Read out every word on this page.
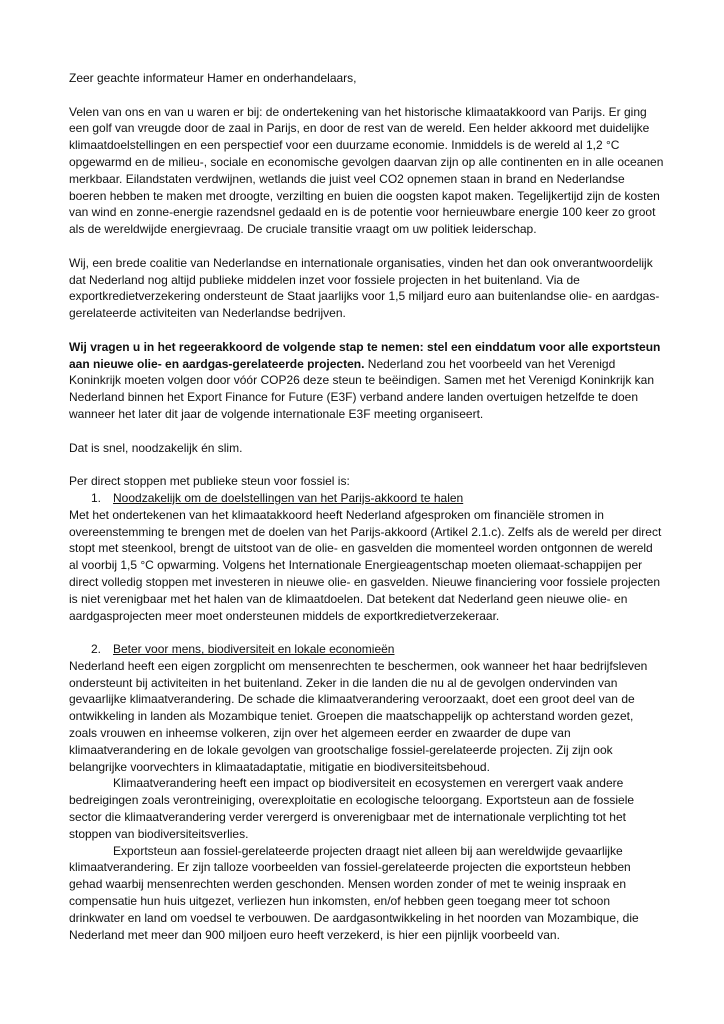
Zeer geachte informateur Hamer en onderhandelaars,

Velen van ons en van u waren er bij: de ondertekening van het historische klimaatakkoord van Parijs. Er ging een golf van vreugde door de zaal in Parijs, en door de rest van de wereld. Een helder akkoord met duidelijke klimaatdoelstellingen en een perspectief voor een duurzame economie. Inmiddels is de wereld al 1,2 °C opgewarmd en de milieu-, sociale en economische gevolgen daarvan zijn op alle continenten en in alle oceanen merkbaar. Eilandstaten verdwijnen, wetlands die juist veel CO2 opnemen staan in brand en Nederlandse boeren hebben te maken met droogte, verzilting en buien die oogsten kapot maken. Tegelijkertijd zijn de kosten van wind en zonne-energie razendsnel gedaald en is de potentie voor hernieuwbare energie 100 keer zo groot als de wereldwijde energievraag. De cruciale transitie vraagt om uw politiek leiderschap.

Wij, een brede coalitie van Nederlandse en internationale organisaties, vinden het dan ook onverantwoordelijk dat Nederland nog altijd publieke middelen inzet voor fossiele projecten in het buitenland. Via de exportkredietverzekering ondersteunt de Staat jaarlijks voor 1,5 miljard euro aan buitenlandse olie- en aardgas-gerelateerde activiteiten van Nederlandse bedrijven.

Wij vragen u in het regeerakkoord de volgende stap te nemen: stel een einddatum voor alle exportsteun aan nieuwe olie- en aardgas-gerelateerde projecten. Nederland zou het voorbeeld van het Verenigd Koninkrijk moeten volgen door vóór COP26 deze steun te beëindigen. Samen met het Verenigd Koninkrijk kan Nederland binnen het Export Finance for Future (E3F) verband andere landen overtuigen hetzelfde te doen wanneer het later dit jaar de volgende internationale E3F meeting organiseert.

Dat is snel, noodzakelijk én slim.

Per direct stoppen met publieke steun voor fossiel is:

1. Noodzakelijk om de doelstellingen van het Parijs-akkoord te halen

Met het ondertekenen van het klimaatakkoord heeft Nederland afgesproken om financiële stromen in overeenstemming te brengen met de doelen van het Parijs-akkoord (Artikel 2.1.c). Zelfs als de wereld per direct stopt met steenkool, brengt de uitstoot van de olie- en gasvelden die momenteel worden ontgonnen de wereld al voorbij 1,5 °C opwarming. Volgens het Internationale Energieagentschap moeten oliemaat-schappijen per direct volledig stoppen met investeren in nieuwe olie- en gasvelden. Nieuwe financiering voor fossiele projecten is niet verenigbaar met het halen van de klimaatdoelen. Dat betekent dat Nederland geen nieuwe olie- en aardgasprojecten meer moet ondersteunen middels de exportkredietverzekeraar.

2. Beter voor mens, biodiversiteit en lokale economieën

Nederland heeft een eigen zorgplicht om mensenrechten te beschermen, ook wanneer het haar bedrijfsleven ondersteunt bij activiteiten in het buitenland. Zeker in die landen die nu al de gevolgen ondervinden van gevaarlijke klimaatverandering. De schade die klimaatverandering veroorzaakt, doet een groot deel van de ontwikkeling in landen als Mozambique teniet. Groepen die maatschappelijk op achterstand worden gezet, zoals vrouwen en inheemse volkeren, zijn over het algemeen eerder en zwaarder de dupe van klimaatverandering en de lokale gevolgen van grootschalige fossiel-gerelateerde projecten. Zij zijn ook belangrijke voorvechters in klimaatadaptatie, mitigatie en biodiversiteitsbehoud.

Klimaatverandering heeft een impact op biodiversiteit en ecosystemen en verergert vaak andere bedreigingen zoals verontreiniging, overexploitatie en ecologische teloorgang. Exportsteun aan de fossiele sector die klimaatverandering verder verergerd is onverenigbaar met de internationale verplichting tot het stoppen van biodiversiteitsverlies.

Exportsteun aan fossiel-gerelateerde projecten draagt niet alleen bij aan wereldwijde gevaarlijke klimaatverandering. Er zijn talloze voorbeelden van fossiel-gerelateerde projecten die exportsteun hebben gehad waarbij mensenrechten werden geschonden. Mensen worden zonder of met te weinig inspraak en compensatie hun huis uitgezet, verliezen hun inkomsten, en/of hebben geen toegang meer tot schoon drinkwater en land om voedsel te verbouwen. De aardgasontwikkeling in het noorden van Mozambique, die Nederland met meer dan 900 miljoen euro heeft verzekerd, is hier een pijnlijk voorbeeld van.
